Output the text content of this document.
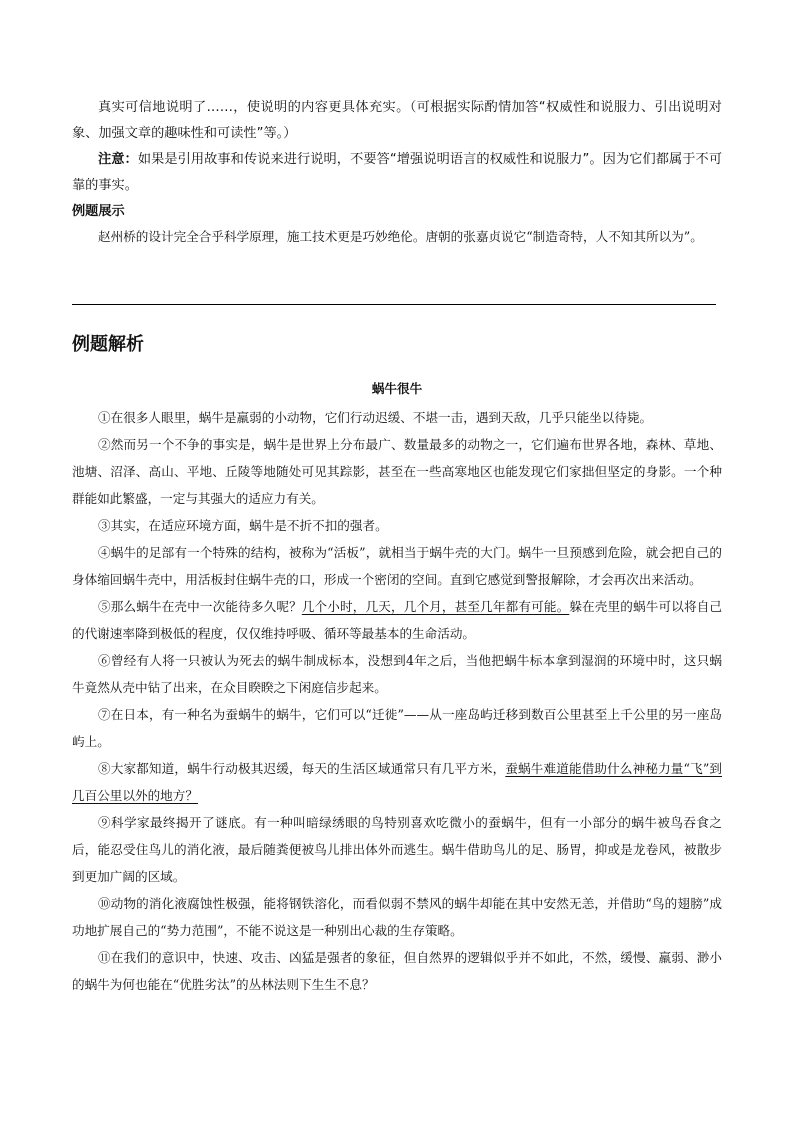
真实可信地说明了……，使说明的内容更具体充实。（可根据实际酌情加答“权威性和说服力、引出说明对象、加强文章的趣味性和可读性”等。）

注意：如果是引用故事和传说来进行说明，不要答“增强说明语言的权威性和说服力”。因为它们都属于不可靠的事实。

例题展示

赵州桥的设计完全合乎科学原理，施工技术更是巧妙绝伦。唐朝的张嘉贞说它“制造奇特，人不知其所以为”。

例题解析

蜗牛很牛

①在很多人眼里，蜗牛是羸弱的小动物，它们行动迟缓、不堪一击，遇到天敌，几乎只能坐以待毙。

②然而另一个不争的事实是，蜗牛是世界上分布最广、数量最多的动物之一，它们遍布世界各地，森林、草地、池塘、沼泽、高山、平地、丘陵等地随处可见其踪影，甚至在一些高寒地区也能发现它们家拙但坚定的身影。一个种群能如此繁盛，一定与其强大的适应力有关。

③其实，在适应环境方面，蜗牛是不折不扣的强者。

④蜗牛的足部有一个特殊的结构，被称为“活板”，就相当于蜗牛壳的大门。蜗牛一旦预感到危险，就会把自己的身体缩回蜗牛壳中，用活板封住蜗牛壳的口，形成一个密闭的空间。直到它感觉到警报解除，才会再次出来活动。

⑤那么蜗牛在壳中一次能待多久呢？几个小时，几天，几个月，甚至几年都有可能。躲在壳里的蜗牛可以将自己的代谢速率降到极低的程度，仅仅维持呼吸、循环等最基本的生命活动。

⑥曾经有人将一只被认为死去的蜗牛制成标本，没想到4年之后，当他把蜗牛标本拿到湿润的环境中时，这只蜗牛竟然从壳中钻了出来，在众目睽睽之下闲庭信步起来。

⑦在日本，有一种名为蚕蜗牛的蜗牛，它们可以“迁徙”——从一座岛屿迁移到数百公里甚至上千公里的另一座岛屿上。

⑧大家都知道，蜗牛行动极其迟缓，每天的生活区域通常只有几平方米，蚕蜗牛难道能借助什么神秘力量“飞”到几百公里以外的地方？

⑨科学家最终揭开了谜底。有一种叫暗绿绣眼的鸟特别喜欢吃微小的蚕蜗牛，但有一小部分的蜗牛被鸟吞食之后，能忍受住鸟儿的消化液，最后随粪便被鸟儿排出体外而逃生。蜗牛借助鸟儿的足、肠胃，抑或是龙卷风，被散步到更加广阔的区域。

⑩动物的消化液腐蚀性极强，能将钢铁溶化，而看似弱不禁风的蜗牛却能在其中安然无恙，并借助“鸟的翅膀”成功地扩展自己的“势力范围”，不能不说这是一种别出心裁的生存策略。

⑪在我们的意识中，快速、攻击、凶猛是强者的象征，但自然界的逻辑似乎并不如此，不然，缓慢、羸弱、渺小的蜗牛为何也能在“优胜劣汰”的丛林法则下生生不息？
